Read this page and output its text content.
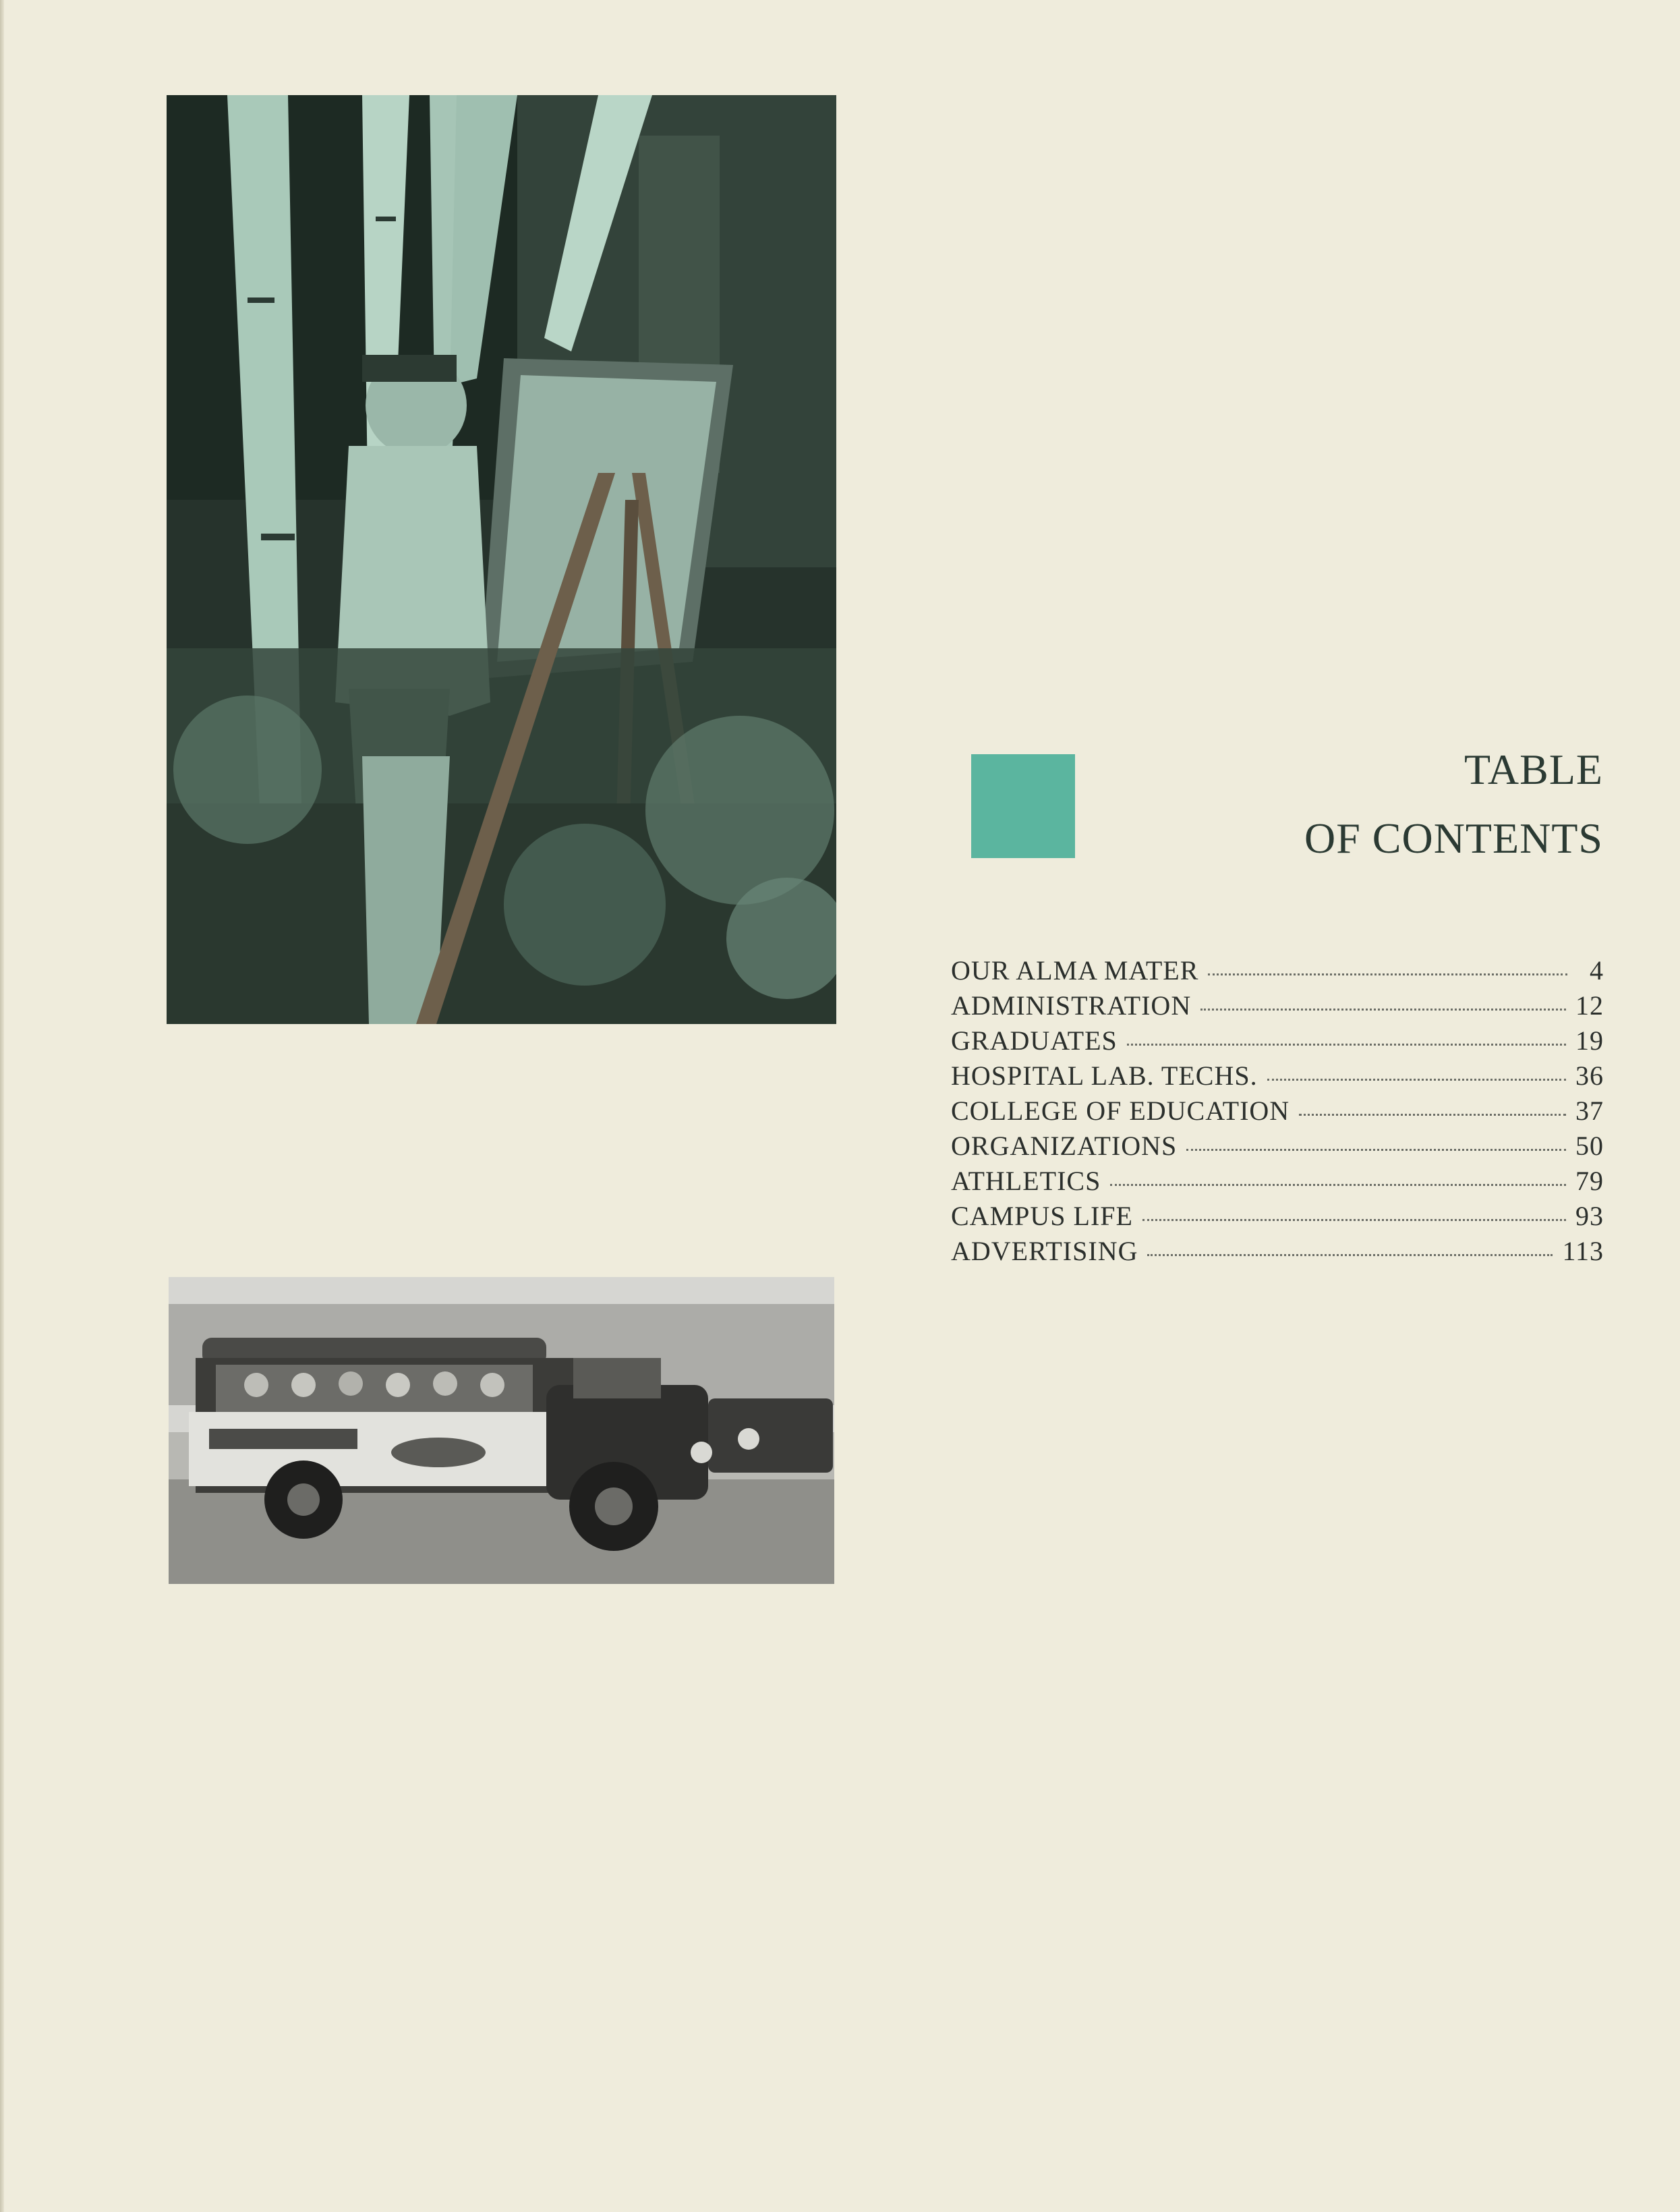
TABLE
OF CONTENTS
OUR ALMA MATER	4
ADMINISTRATION	12
GRADUATES	19
HOSPITAL LAB. TECHS.	36
COLLEGE OF EDUCATION	37
ORGANIZATIONS	50
ATHLETICS	79
CAMPUS LIFE	93
ADVERTISING	113
